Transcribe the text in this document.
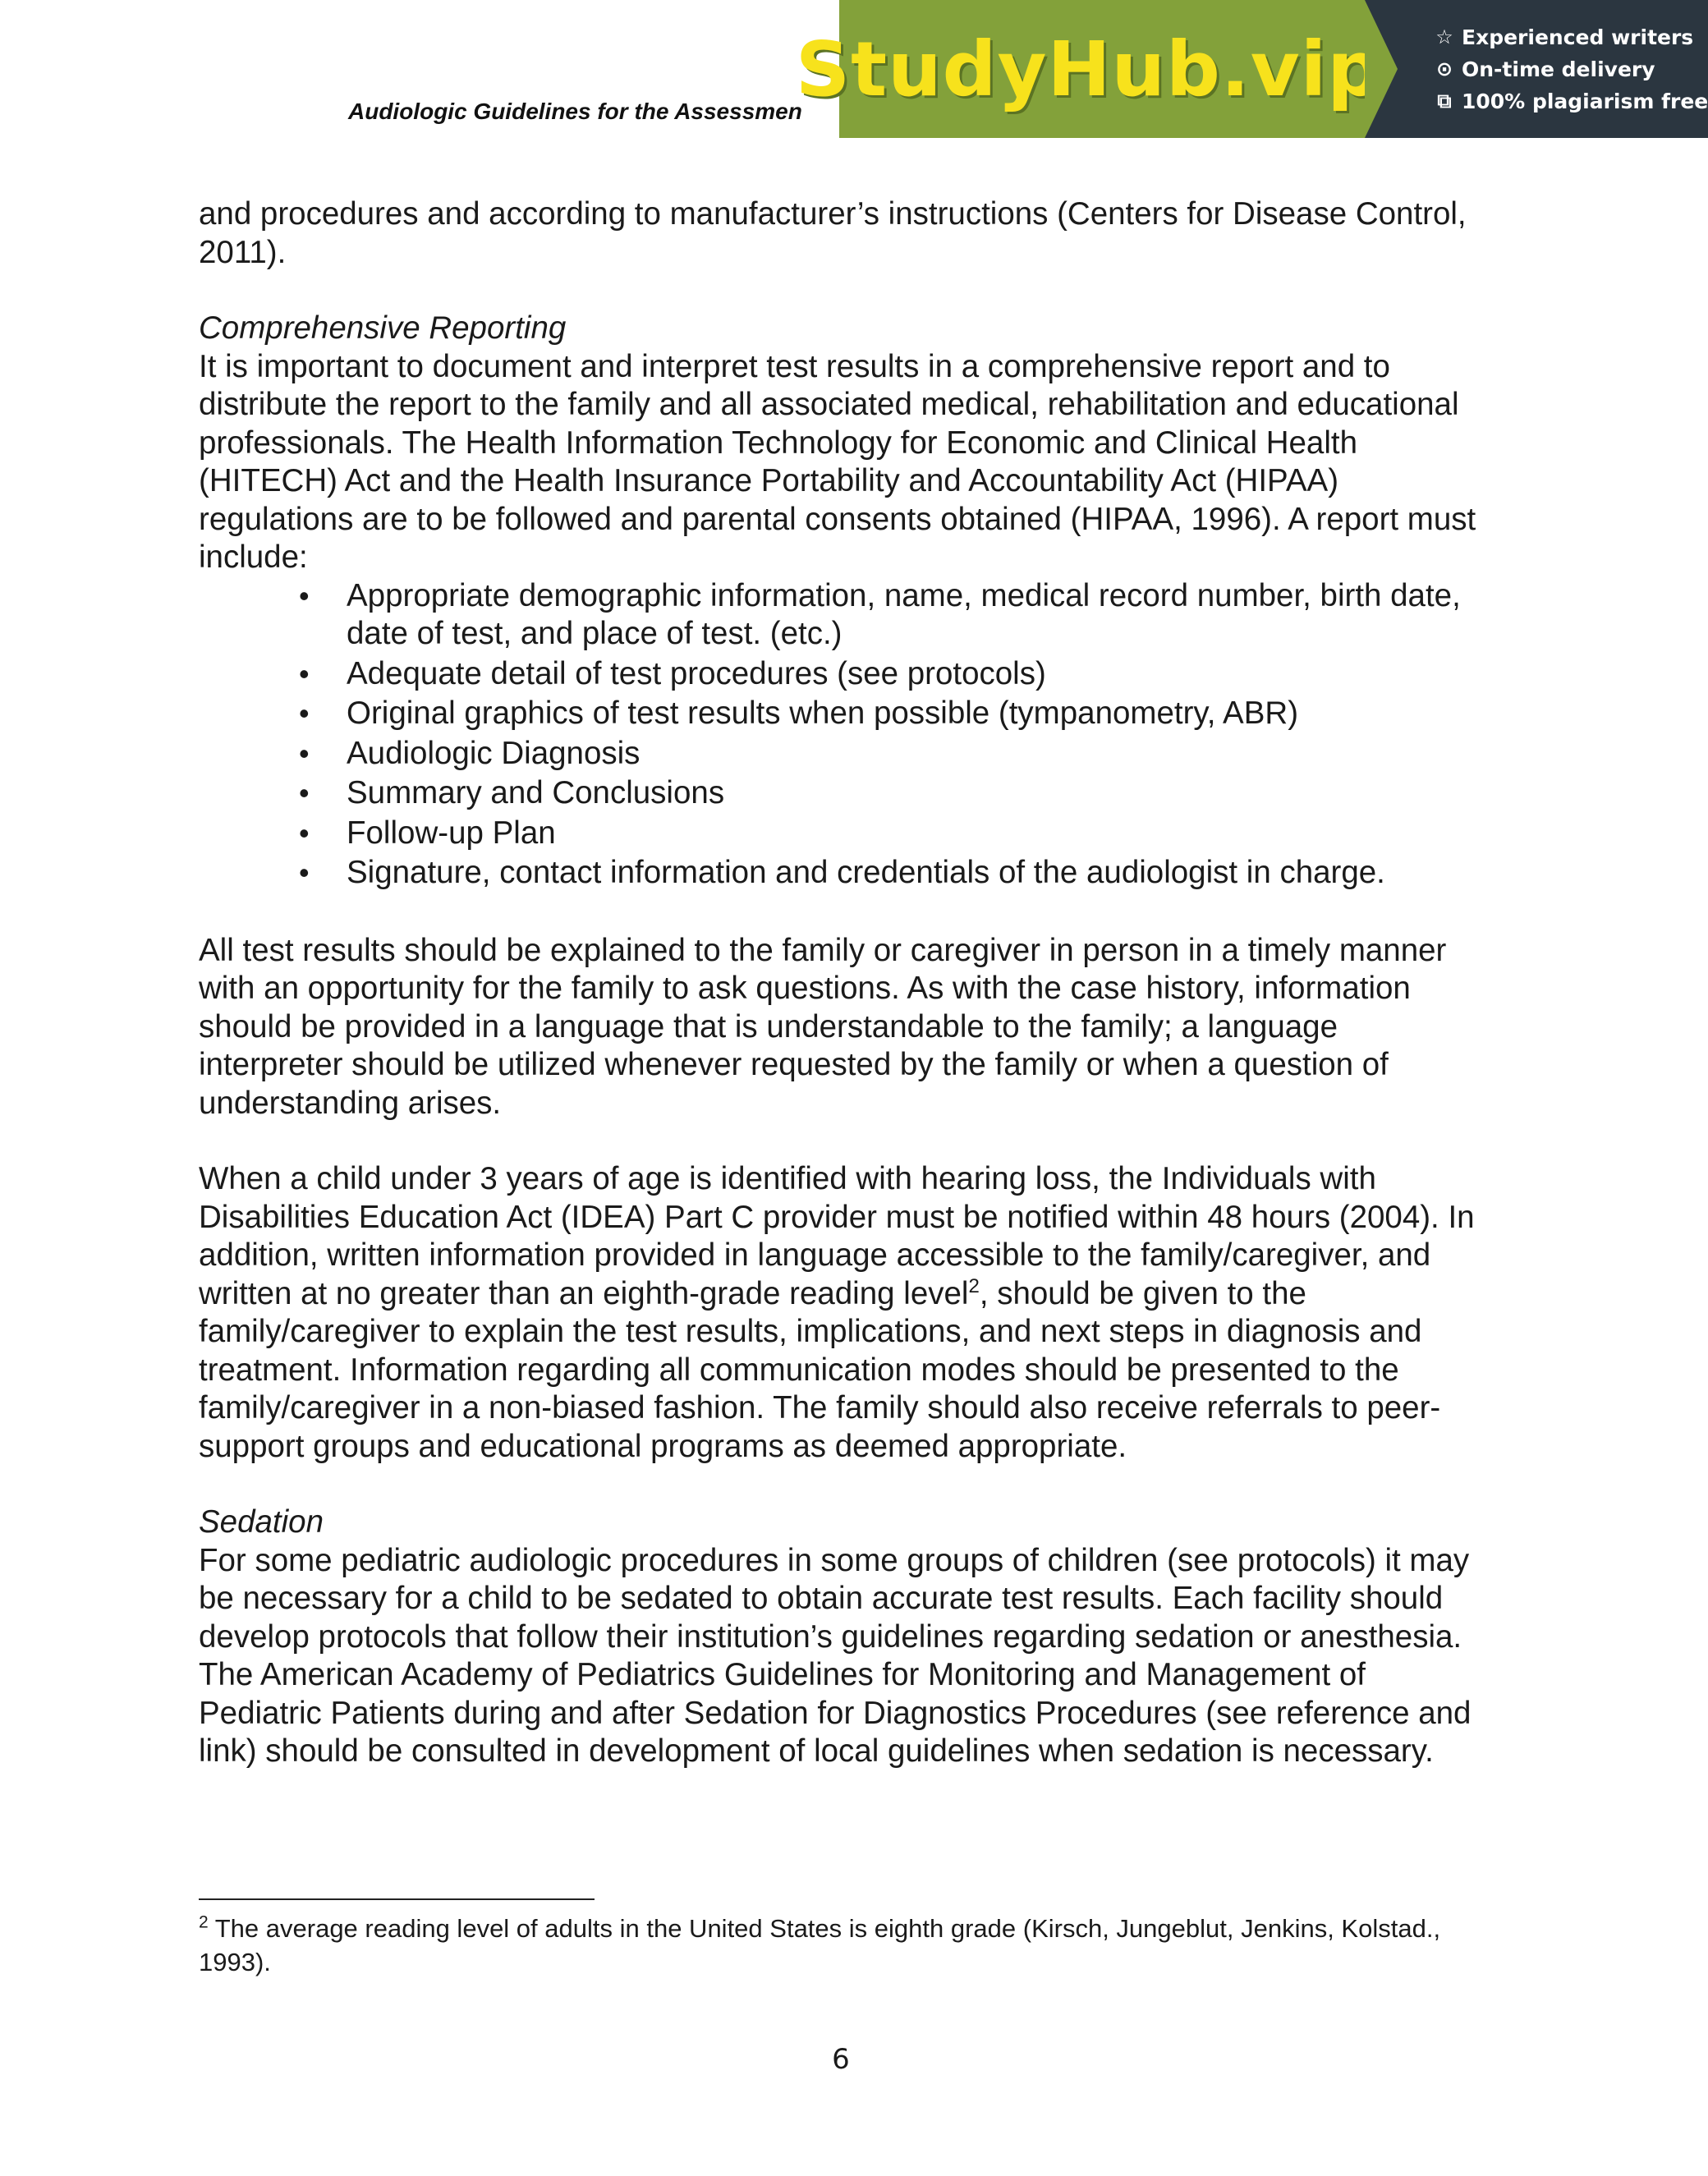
Audiologic Guidelines for the Assessmen
StudyHub.vip	☆ Experienced writers
⊙ On-time delivery
⧉ 100% plagiarism free

and procedures and according to manufacturer’s instructions (Centers for Disease Control, 2011).

Comprehensive Reporting

It is important to document and interpret test results in a comprehensive report and to distribute the report to the family and all associated medical, rehabilitation and educational professionals. The Health Information Technology for Economic and Clinical Health (HITECH) Act and the Health Insurance Portability and Accountability Act (HIPAA) regulations are to be followed and parental consents obtained (HIPAA, 1996). A report must include:

• Appropriate demographic information, name, medical record number, birth date, date of test, and place of test. (etc.)
• Adequate detail of test procedures (see protocols)
• Original graphics of test results when possible (tympanometry, ABR)
• Audiologic Diagnosis
• Summary and Conclusions
• Follow-up Plan
• Signature, contact information and credentials of the audiologist in charge.

All test results should be explained to the family or caregiver in person in a timely manner with an opportunity for the family to ask questions. As with the case history, information should be provided in a language that is understandable to the family; a language interpreter should be utilized whenever requested by the family or when a question of understanding arises.

When a child under 3 years of age is identified with hearing loss, the Individuals with Disabilities Education Act (IDEA) Part C provider must be notified within 48 hours (2004). In addition, written information provided in language accessible to the family/caregiver, and written at no greater than an eighth-grade reading level$^2$, should be given to the family/caregiver to explain the test results, implications, and next steps in diagnosis and treatment. Information regarding all communication modes should be presented to the family/caregiver in a non-biased fashion. The family should also receive referrals to peer-support groups and educational programs as deemed appropriate.

Sedation

For some pediatric audiologic procedures in some groups of children (see protocols) it may be necessary for a child to be sedated to obtain accurate test results. Each facility should develop protocols that follow their institution’s guidelines regarding sedation or anesthesia. The American Academy of Pediatrics Guidelines for Monitoring and Management of Pediatric Patients during and after Sedation for Diagnostics Procedures (see reference and link) should be consulted in development of local guidelines when sedation is necessary.

$^2$ The average reading level of adults in the United States is eighth grade (Kirsch, Jungeblut, Jenkins, Kolstad., 1993).
6
